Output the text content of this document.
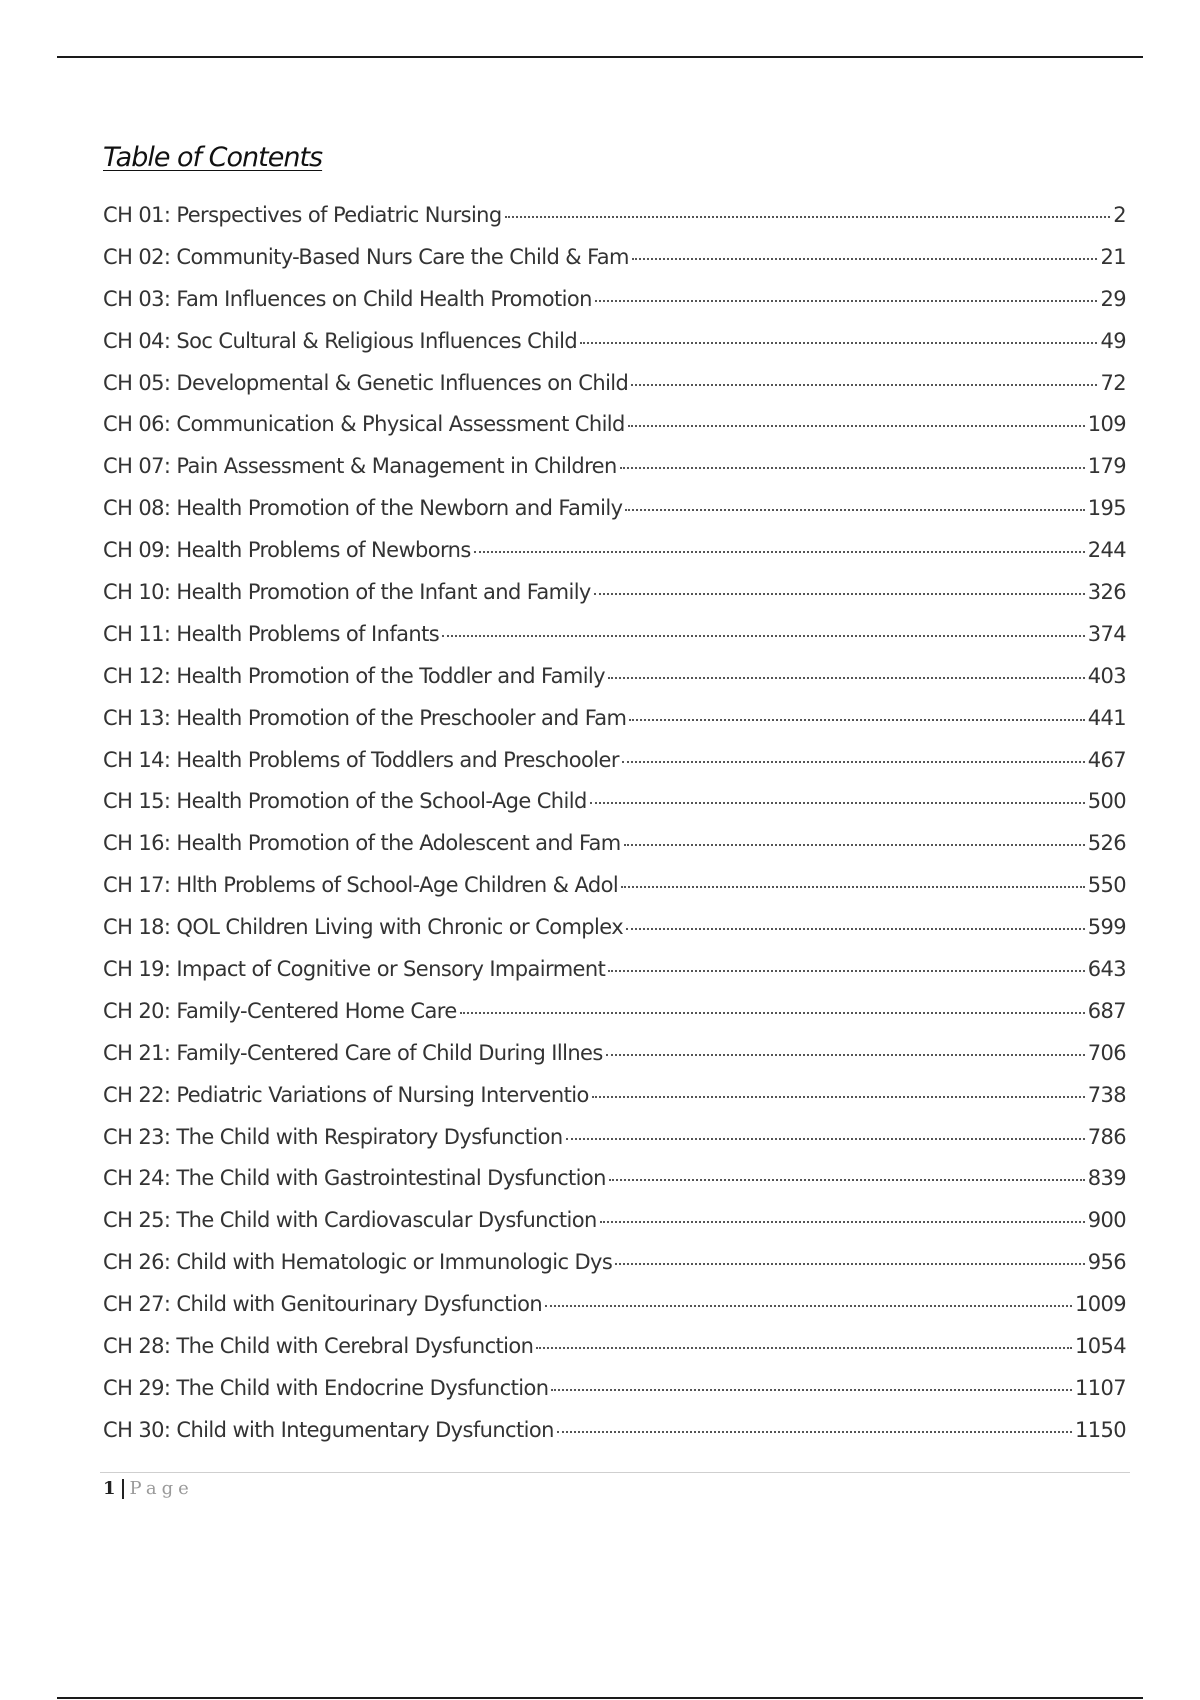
Table of Contents
CH 01: Perspectives of Pediatric Nursing	2
CH 02: Community-Based Nurs Care the Child & Fam	21
CH 03: Fam Influences on Child Health Promotion	29
CH 04: Soc Cultural & Religious Influences Child	49
CH 05: Developmental & Genetic Influences on Child	72
CH 06: Communication & Physical Assessment Child	109
CH 07: Pain Assessment & Management in Children	179
CH 08: Health Promotion of the Newborn and Family	195
CH 09: Health Problems of Newborns	244
CH 10: Health Promotion of the Infant and Family	326
CH 11: Health Problems of Infants	374
CH 12: Health Promotion of the Toddler and Family	403
CH 13: Health Promotion of the Preschooler and Fam	441
CH 14: Health Problems of Toddlers and Preschooler	467
CH 15: Health Promotion of the School-Age Child	500
CH 16: Health Promotion of the Adolescent and Fam	526
CH 17: Hlth Problems of School-Age Children & Adol	550
CH 18: QOL Children Living with Chronic or Complex	599
CH 19: Impact of Cognitive or Sensory Impairment	643
CH 20: Family-Centered Home Care	687
CH 21: Family-Centered Care of Child During Illnes	706
CH 22: Pediatric Variations of Nursing Interventio	738
CH 23: The Child with Respiratory Dysfunction	786
CH 24: The Child with Gastrointestinal Dysfunction	839
CH 25: The Child with Cardiovascular Dysfunction	900
CH 26: Child with Hematologic or Immunologic Dys	956
CH 27: Child with Genitourinary Dysfunction	1009
CH 28: The Child with Cerebral Dysfunction	1054
CH 29: The Child with Endocrine Dysfunction	1107
CH 30: Child with Integumentary Dysfunction	1150
1 Page
